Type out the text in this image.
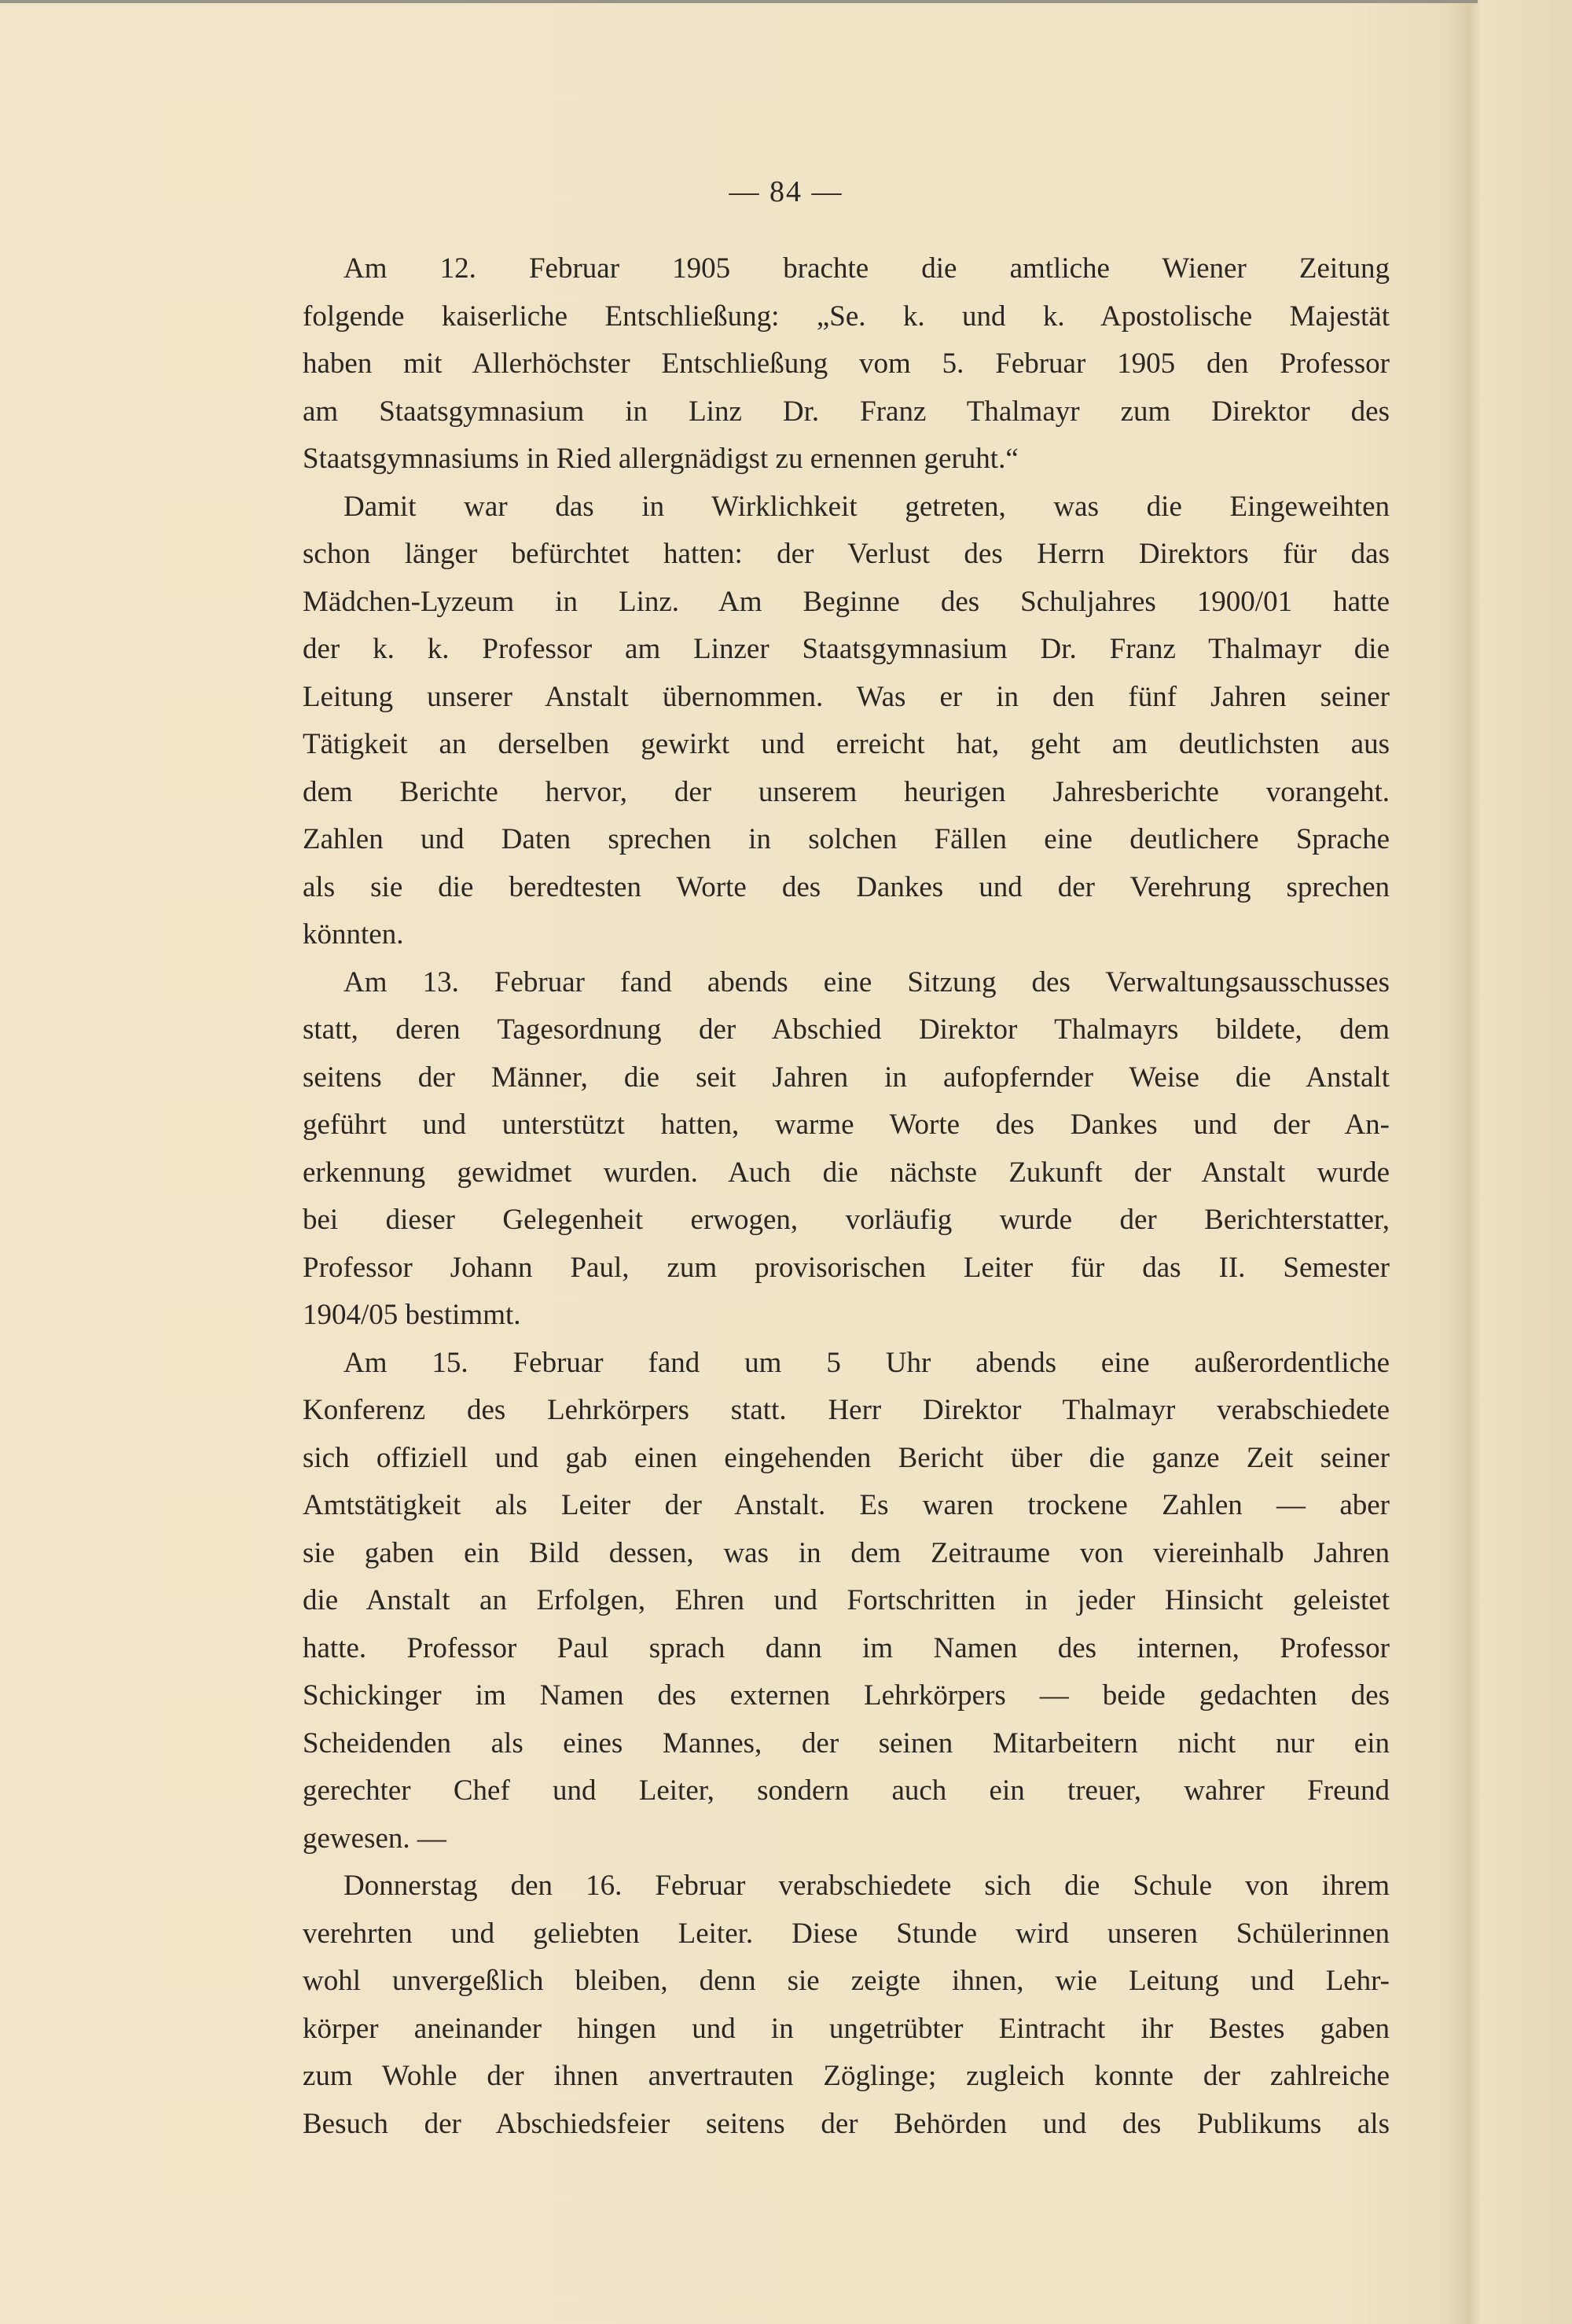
— 84 —
Am 12. Februar 1905 brachte die amtliche Wiener Zeitung
folgende kaiserliche Entschließung: „Se. k. und k. Apostolische Majestät
haben mit Allerhöchster Entschließung vom 5. Februar 1905 den Professor
am Staatsgymnasium in Linz Dr. Franz Thalmayr zum Direktor des
Staatsgymnasiums in Ried allergnädigst zu ernennen geruht.“
Damit war das in Wirklichkeit getreten, was die Eingeweihten
schon länger befürchtet hatten: der Verlust des Herrn Direktors für das
Mädchen-Lyzeum in Linz. Am Beginne des Schuljahres 1900/01 hatte
der k. k. Professor am Linzer Staatsgymnasium Dr. Franz Thalmayr die
Leitung unserer Anstalt übernommen. Was er in den fünf Jahren seiner
Tätigkeit an derselben gewirkt und erreicht hat, geht am deutlichsten aus
dem Berichte hervor, der unserem heurigen Jahresberichte vorangeht.
Zahlen und Daten sprechen in solchen Fällen eine deutlichere Sprache
als sie die beredtesten Worte des Dankes und der Verehrung sprechen
könnten.
Am 13. Februar fand abends eine Sitzung des Verwaltungsausschusses
statt, deren Tagesordnung der Abschied Direktor Thalmayrs bildete, dem
seitens der Männer, die seit Jahren in aufopfernder Weise die Anstalt
geführt und unterstützt hatten, warme Worte des Dankes und der An-
erkennung gewidmet wurden. Auch die nächste Zukunft der Anstalt wurde
bei dieser Gelegenheit erwogen, vorläufig wurde der Berichterstatter,
Professor Johann Paul, zum provisorischen Leiter für das II. Semester
1904/05 bestimmt.
Am 15. Februar fand um 5 Uhr abends eine außerordentliche
Konferenz des Lehrkörpers statt. Herr Direktor Thalmayr verabschiedete
sich offiziell und gab einen eingehenden Bericht über die ganze Zeit seiner
Amtstätigkeit als Leiter der Anstalt. Es waren trockene Zahlen — aber
sie gaben ein Bild dessen, was in dem Zeitraume von viereinhalb Jahren
die Anstalt an Erfolgen, Ehren und Fortschritten in jeder Hinsicht geleistet
hatte. Professor Paul sprach dann im Namen des internen, Professor
Schickinger im Namen des externen Lehrkörpers — beide gedachten des
Scheidenden als eines Mannes, der seinen Mitarbeitern nicht nur ein
gerechter Chef und Leiter, sondern auch ein treuer, wahrer Freund
gewesen. —
Donnerstag den 16. Februar verabschiedete sich die Schule von ihrem
verehrten und geliebten Leiter. Diese Stunde wird unseren Schülerinnen
wohl unvergeßlich bleiben, denn sie zeigte ihnen, wie Leitung und Lehr-
körper aneinander hingen und in ungetrübter Eintracht ihr Bestes gaben
zum Wohle der ihnen anvertrauten Zöglinge; zugleich konnte der zahlreiche
Besuch der Abschiedsfeier seitens der Behörden und des Publikums als
